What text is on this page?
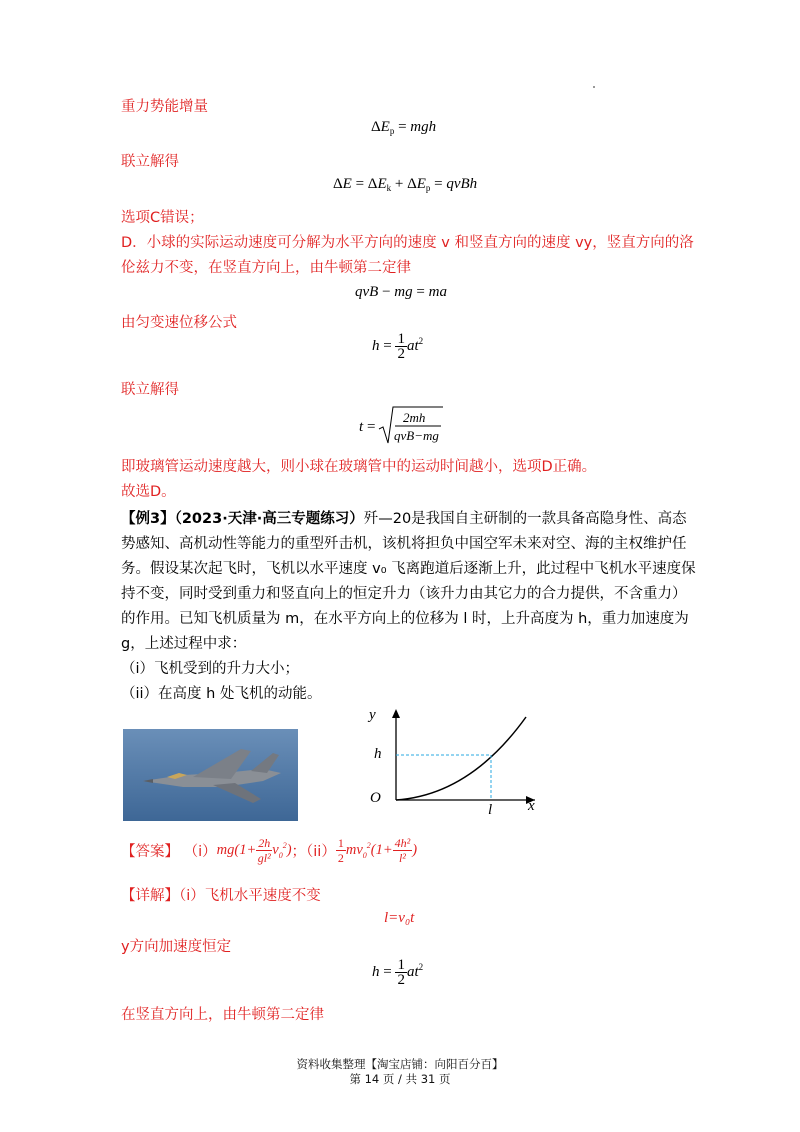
重力势能增量
$\Delta E_p$ = mgh
联立解得
$\Delta E = \Delta E_k + \Delta E_p$ = qvBh
选项C错误；
D．小球的实际运动速度可分解为水平方向的速度 v 和竖直方向的速度 vy，竖直方向的洛
伦兹力不变，在竖直方向上，由牛顿第二定律
qvB − mg = ma
由匀变速位移公式
$h = \frac{1}{2} at^2$
联立解得
t =
2mh
qvB−mg
即玻璃管运动速度越大，则小球在玻璃管中的运动时间越小，选项D正确。
故选D。
【例3】（2023·天津·高三专题练习）歼—20是我国自主研制的一款具备高隐身性、高态
势感知、高机动性等能力的重型歼击机，该机将担负中国空军未来对空、海的主权维护任
务。假设某次起飞时，飞机以水平速度 v₀ 飞离跑道后逐渐上升，此过程中飞机水平速度保
持不变，同时受到重力和竖直向上的恒定升力（该升力由其它力的合力提供，不含重力）
的作用。已知飞机质量为 m，在水平方向上的位移为 l 时，上升高度为 h，重力加速度为
g，上述过程中求：
（i）飞机受到的升力大小；
（ii）在高度 h 处飞机的动能。
y
x
h
l
O
【答案】 $(i)mg(1+ \frac{2h}{\text{gl²}} v_0^2)$；$(ii) \frac{1}{2} mv_0^2(1+ \frac{\text{4h²}}{\text{l²}}$ )
【详解】（i）飞机水平速度不变
l=v₀t
y方向加速度恒定
$h = \frac{1}{2} at^2$
在竖直方向上，由牛顿第二定律
资料收集整理【淘宝店铺：向阳百分百】
第 14 页 / 共 31 页
